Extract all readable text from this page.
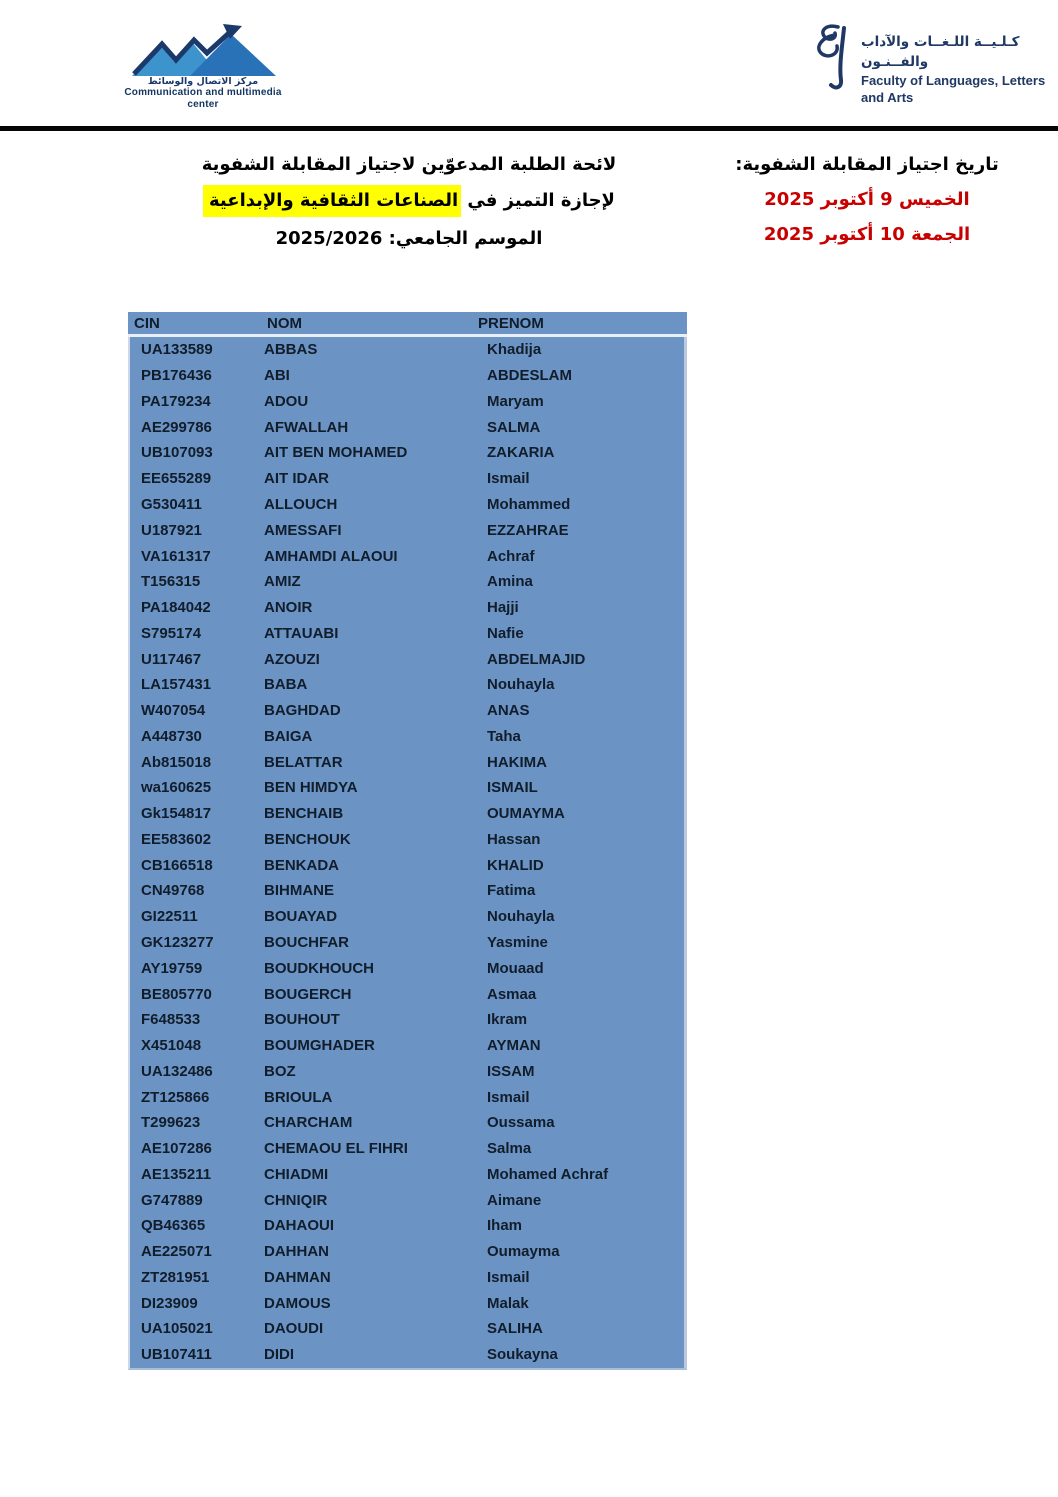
مركز الاتصال والوسائط
Communication and multimedia center
كـلـيــة اللـغــات والآداب والفــنـون
Faculty of Languages, Letters
and Arts
لائحة الطلبة المدعوّين لاجتياز المقابلة الشفوية
لإجازة التميز في الصناعات الثقافية والإبداعية
الموسم الجامعي: 2025/2026
تاريخ اجتياز المقابلة الشفوية:
الخميس 9 أكتوبر 2025
الجمعة 10 أكتوبر 2025
CIN	NOM	PRENOM
UA133589	ABBAS	Khadija
PB176436	ABI	ABDESLAM
PA179234	ADOU	Maryam
AE299786	AFWALLAH	SALMA
UB107093	AIT BEN MOHAMED	ZAKARIA
EE655289	AIT IDAR	Ismail
G530411	ALLOUCH	Mohammed
U187921	AMESSAFI	EZZAHRAE
VA161317	AMHAMDI ALAOUI	Achraf
T156315	AMIZ	Amina
PA184042	ANOIR	Hajji
S795174	ATTAUABI	Nafie
U117467	AZOUZI	ABDELMAJID
LA157431	BABA	Nouhayla
W407054	BAGHDAD	ANAS
A448730	BAIGA	Taha
Ab815018	BELATTAR	HAKIMA
wa160625	BEN HIMDYA	ISMAIL
Gk154817	BENCHAIB	OUMAYMA
EE583602	BENCHOUK	Hassan
CB166518	BENKADA	KHALID
CN49768	BIHMANE	Fatima
GI22511	BOUAYAD	Nouhayla
GK123277	BOUCHFAR	Yasmine
AY19759	BOUDKHOUCH	Mouaad
BE805770	BOUGERCH	Asmaa
F648533	BOUHOUT	Ikram
X451048	BOUMGHADER	AYMAN
UA132486	BOZ	ISSAM
ZT125866	BRIOULA	Ismail
T299623	CHARCHAM	Oussama
AE107286	CHEMAOU EL FIHRI	Salma
AE135211	CHIADMI	Mohamed Achraf
G747889	CHNIQIR	Aimane
QB46365	DAHAOUI	Iham
AE225071	DAHHAN	Oumayma
ZT281951	DAHMAN	Ismail
DI23909	DAMOUS	Malak
UA105021	DAOUDI	SALIHA
UB107411	DIDI	Soukayna
